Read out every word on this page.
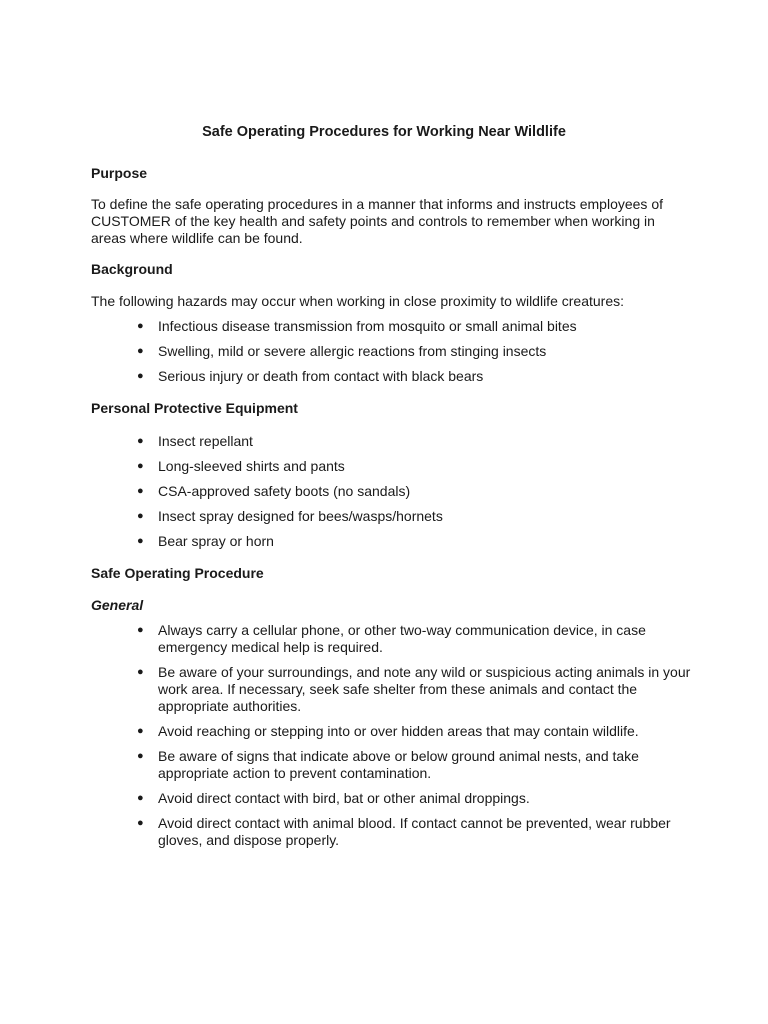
Safe Operating Procedures for Working Near Wildlife
Purpose
To define the safe operating procedures in a manner that informs and instructs employees of CUSTOMER of the key health and safety points and controls to remember when working in areas where wildlife can be found.
Background
The following hazards may occur when working in close proximity to wildlife creatures:
● Infectious disease transmission from mosquito or small animal bites
● Swelling, mild or severe allergic reactions from stinging insects
● Serious injury or death from contact with black bears
Personal Protective Equipment
● Insect repellant
● Long-sleeved shirts and pants
● CSA-approved safety boots (no sandals)
● Insect spray designed for bees/wasps/hornets
● Bear spray or horn
Safe Operating Procedure
General
● Always carry a cellular phone, or other two-way communication device, in case emergency medical help is required.
● Be aware of your surroundings, and note any wild or suspicious acting animals in your work area. If necessary, seek safe shelter from these animals and contact the appropriate authorities.
● Avoid reaching or stepping into or over hidden areas that may contain wildlife.
● Be aware of signs that indicate above or below ground animal nests, and take appropriate action to prevent contamination.
● Avoid direct contact with bird, bat or other animal droppings.
● Avoid direct contact with animal blood. If contact cannot be prevented, wear rubber gloves, and dispose properly.
